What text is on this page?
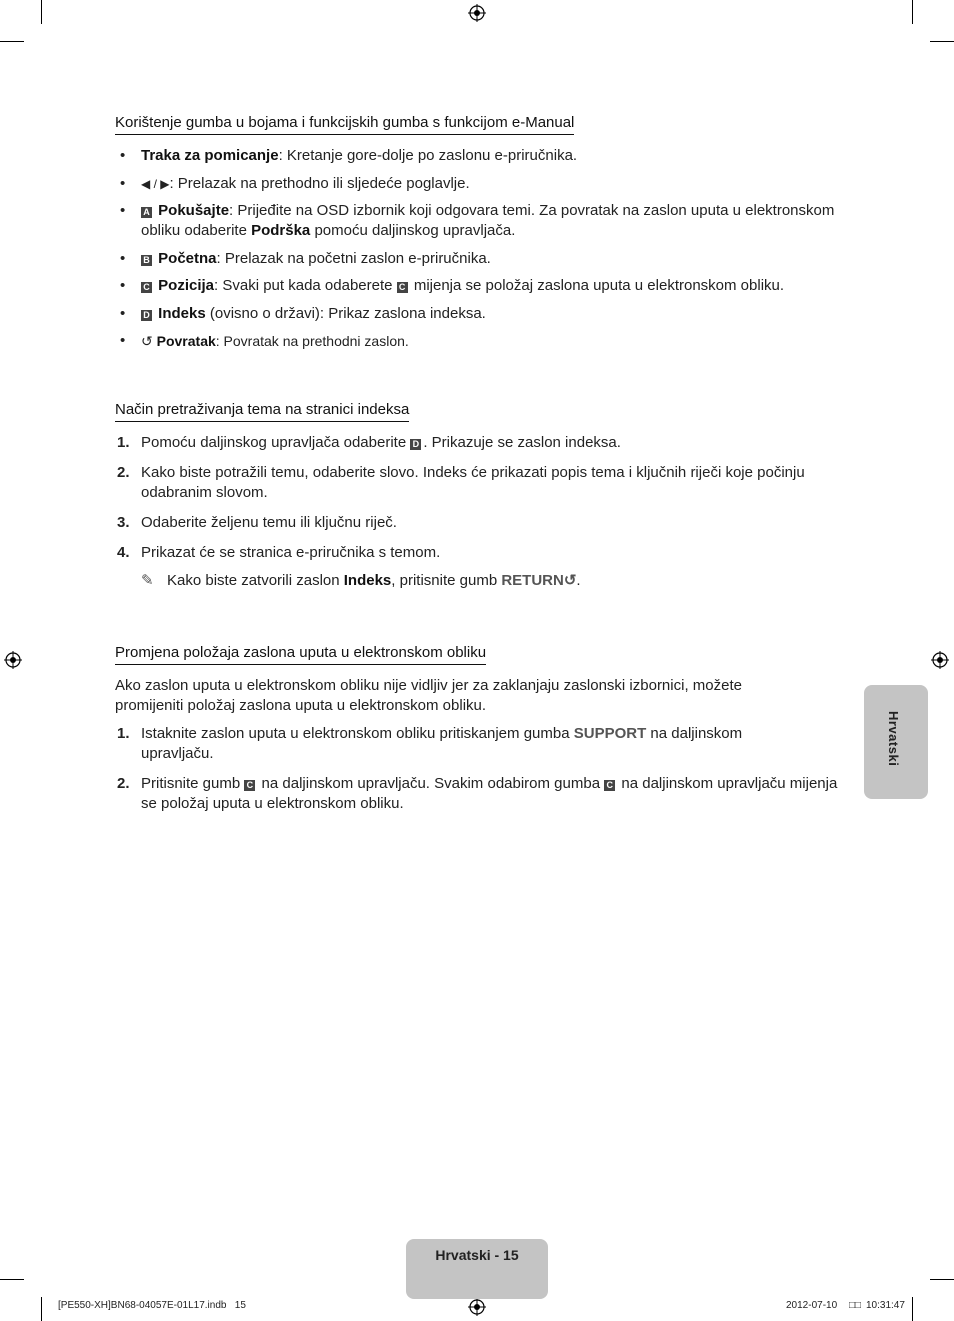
Korištenje gumba u bojama i funkcijskih gumba s funkcijom e-Manual
• Traka za pomicanje: Kretanje gore-dolje po zaslonu e-priručnika.
• ◀ / ▶: Prelazak na prethodno ili sljedeće poglavlje.
• A Pokušajte: Prijeđite na OSD izbornik koji odgovara temi. Za povratak na zaslon uputa u elektronskom obliku odaberite Podrška pomoću daljinskog upravljača.
• B Početna: Prelazak na početni zaslon e-priručnika.
• C Pozicija: Svaki put kada odaberete C mijenja se položaj zaslona uputa u elektronskom obliku.
• D Indeks (ovisno o državi): Prikaz zaslona indeksa.
• ↺ Povratak: Povratak na prethodni zaslon.
Način pretraživanja tema na stranici indeksa
1. Pomoću daljinskog upravljača odaberite D . Prikazuje se zaslon indeksa.
2. Kako biste potražili temu, odaberite slovo. Indeks će prikazati popis tema i ključnih riječi koje počinju odabranim slovom.
3. Odaberite željenu temu ili ključnu riječ.
4. Prikazat će se stranica e-priručnika s temom.
✎ Kako biste zatvorili zaslon Indeks, pritisnite gumb RETURN↺.
Promjena položaja zaslona uputa u elektronskom obliku
Ako zaslon uputa u elektronskom obliku nije vidljiv jer za zaklanjaju zaslonski izbornici, možete promijeniti položaj zaslona uputa u elektronskom obliku.
1. Istaknite zaslon uputa u elektronskom obliku pritiskanjem gumba SUPPORT na daljinskom upravljaču.
2. Pritisnite gumb C na daljinskom upravljaču. Svakim odabirom gumba C na daljinskom upravljaču mijenja se položaj uputa u elektronskom obliku.
Hrvatski
Hrvatski - 15
[PE550-XH]BN68-04057E-01L17.indb   15	2012-07-10 □□ 10:31:47
